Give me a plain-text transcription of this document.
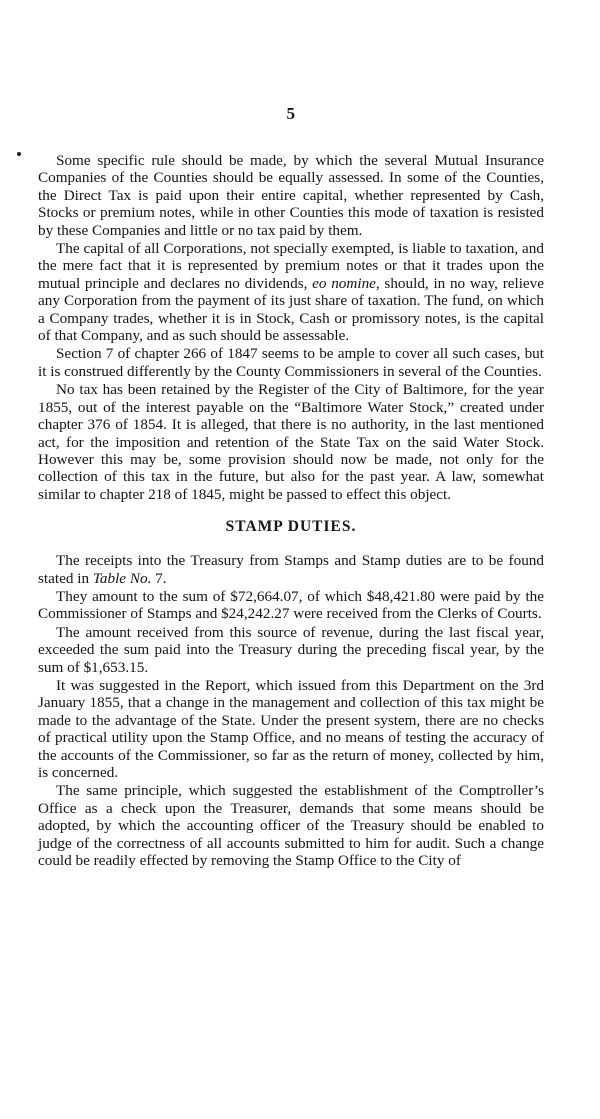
5

Some specific rule should be made, by which the several Mutual Insurance Companies of the Counties should be equally assessed. In some of the Counties, the Direct Tax is paid upon their entire capital, whether represented by Cash, Stocks or premium notes, while in other Counties this mode of taxation is resisted by these Companies and little or no tax paid by them.

The capital of all Corporations, not specially exempted, is liable to taxation, and the mere fact that it is represented by premium notes or that it trades upon the mutual principle and declares no dividends, eo nomine, should, in no way, relieve any Corporation from the payment of its just share of taxation. The fund, on which a Company trades, whether it is in Stock, Cash or promissory notes, is the capital of that Company, and as such should be assessable.

Section 7 of chapter 266 of 1847 seems to be ample to cover all such cases, but it is construed differently by the County Commissioners in several of the Counties.

No tax has been retained by the Register of the City of Baltimore, for the year 1855, out of the interest payable on the “Baltimore Water Stock,” created under chapter 376 of 1854. It is alleged, that there is no authority, in the last mentioned act, for the imposition and retention of the State Tax on the said Water Stock. However this may be, some provision should now be made, not only for the collection of this tax in the future, but also for the past year. A law, somewhat similar to chapter 218 of 1845, might be passed to effect this object.

STAMP DUTIES.

The receipts into the Treasury from Stamps and Stamp duties are to be found stated in Table No. 7.

They amount to the sum of $72,664.07, of which $48,421.80 were paid by the Commissioner of Stamps and $24,242.27 were received from the Clerks of Courts.

The amount received from this source of revenue, during the last fiscal year, exceeded the sum paid into the Treasury during the preceding fiscal year, by the sum of $1,653.15.

It was suggested in the Report, which issued from this Department on the 3rd January 1855, that a change in the management and collection of this tax might be made to the advantage of the State. Under the present system, there are no checks of practical utility upon the Stamp Office, and no means of testing the accuracy of the accounts of the Commissioner, so far as the return of money, collected by him, is concerned.

The same principle, which suggested the establishment of the Comptroller’s Office as a check upon the Treasurer, demands that some means should be adopted, by which the accounting officer of the Treasury should be enabled to judge of the correctness of all accounts submitted to him for audit. Such a change could be readily effected by removing the Stamp Office to the City of
